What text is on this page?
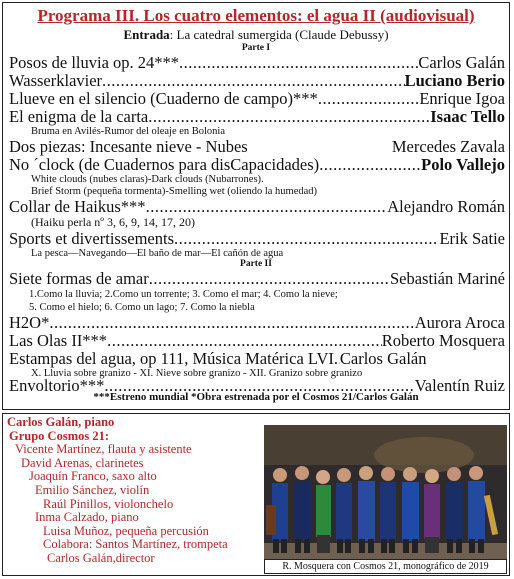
Programa III. Los cuatro elementos: el agua II (audiovisual)
Entrada: La catedral sumergida (Claude Debussy)
Parte I
Posos de lluvia op. 24*** .....	Carlos Galán
Wasserklavier .....	Luciano Berio
Llueve en el silencio (Cuaderno de campo)*** .....	Enrique Igoa
El enigma de la carta .....	Isaac Tello
Bruma en Avilés-Rumor del oleaje en Bolonia
Dos piezas: Incesante nieve - Nubes	Mercedes Zavala
No ´clock (de Cuadernos para disCapacidades) .....	Polo Vallejo
White clouds (nubes claras)-Dark clouds (Nubarrones).
Brief Storm (pequeña tormenta)-Smelling wet (oliendo la humedad)
Collar de Haikus*** .....	Alejandro Román
(Haiku perla nº 3, 6, 9, 14, 17, 20)
Sports et divertissements .....	Erik Satie
La pesca—Navegando—El baño de mar—El cañón de agua
Parte II
Siete formas de amar .....	Sebastián Mariné
1.Como la lluvia; 2.Como un torrente; 3. Como el mar; 4. Como la nieve;
5. Como el hielo; 6. Como un lago; 7. Como la niebla
H2O* .....	Aurora Aroca
Las Olas II*** .....	Roberto Mosquera
Estampas del agua, op 111, Música Matérica LVI ..... Carlos Galán
X. Lluvia sobre granizo - XI. Nieve sobre granizo - XII. Granizo sobre granizo
Envoltorio*** .....	Valentín Ruiz
***Estreno mundial *Obra estrenada por el Cosmos 21/Carlos Galán
Carlos Galán, piano
Grupo Cosmos 21:
Vicente Martínez, flauta y asistente
David Arenas, clarinetes
Joaquín Franco, saxo alto
Emilio Sánchez, violín
Raúl Pinillos, violonchelo
Inma Calzado, piano
Luisa Muñoz, pequeña percusión
Colabora: Santos Martínez, trompeta
Carlos Galán,director
R. Mosquera con Cosmos 21, monográfico de 2019
